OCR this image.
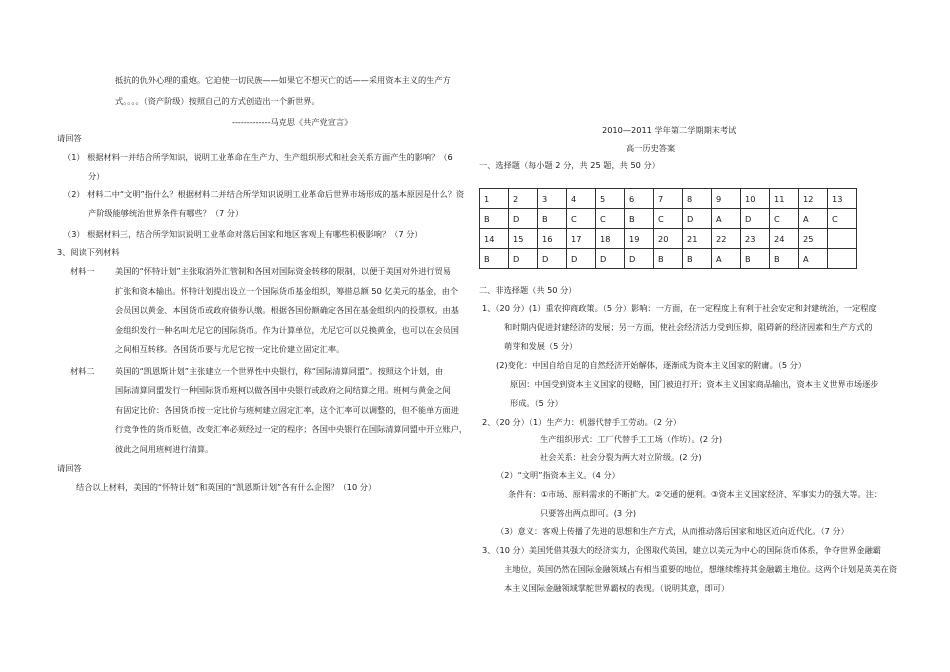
抵抗的仇外心理的重炮。它迫使一切民族——如果它不想灭亡的话——采用资本主义的生产方
式。。。。（资产阶级）按照自己的方式创造出一个新世界。
-------------马克思《共产党宣言》
请回答
（1） 根据材料一并结合所学知识，说明工业革命在生产力、生产组织形式和社会关系方面产生的影响？（6
分）
（2） 材料二中“文明”指什么？根据材料二并结合所学知识说明工业革命后世界市场形成的基本原因是什么？资
产阶级能够统治世界条件有哪些？（7 分）
（3） 根据材料三，结合所学知识说明工业革命对落后国家和地区客观上有哪些积极影响？（7 分）
3、阅读下列材料
材料一 美国的“怀特计划”主张取消外汇管制和各国对国际资金转移的限制，以便于美国对外进行贸易
扩张和资本输出。怀特计划提出设立一个国际货币基金组织，筹措总额 50 亿美元的基金，由个
会员国以黄金、本国货币或政府债券认缴。根据各国份额确定各国在基金组织内的投票权。由基
金组织发行一种名叫尤尼它的国际货币。作为计算单位，尤尼它可以兑换黄金，也可以在会员国
之间相互转移。各国货币要与尤尼它按一定比价建立固定汇率。
材料二 英国的“凯恩斯计划”主张建立一个世界性中央银行，称“国际清算同盟”。按照这个计划，由
国际清算同盟发行一种国际货币班柯以做各国中央银行或政府之间结算之用。班柯与黄金之间
有固定比价：各国货币按一定比价与班柯建立固定汇率，这个汇率可以调整的，但不能单方面进
行竞争性的货币贬值，改变汇率必须经过一定的程序；各国中央银行在国际清算同盟中开立账户，
彼此之间用班柯进行清算。
请回答
结合以上材料，美国的“怀特计划”和英国的“凯恩斯计划”各有什么企图？（10 分）
2010—2011 学年第二学期期末考试
高一历史答案
一、选择题（每小题 2 分，共 25 题，共 50 分）
1	2	3	4	5	6	7	8	9	10	11	12	13
B	D	B	C	C	B	C	D	A	D	C	A	C
14	15	16	17	18	19	20	21	22	23	24	25	
B	D	D	D	D	D	B	B	A	B	B	A	
二、非选择题（共 50 分）
1、（20 分）(1）重农抑商政策。（5 分）影响：一方面，在一定程度上有利于社会安定和封建统治，一定程度
和时期内促进封建经济的发展；另一方面，使社会经济活力受到压抑，阻碍新的经济因素和生产方式的
萌芽和发展（5 分）
(2)变化：中国自给自足的自然经济开始解体，逐渐成为资本主义国家的附庸。（5 分）
原因：中国受到资本主义国家的侵略，国门被迫打开；资本主义国家商品输出，资本主义世界市场逐步
形成。（5 分）
2、（20 分）（1）生产力：机器代替手工劳动。（2 分）
生产组织形式：工厂代替手工工场（作坊）。(2 分)
社会关系：社会分裂为两大对立阶级。(2 分)
（2）“文明”指资本主义。（4 分）
条件有：①市场、原料需求的不断扩大。②交通的便利。③资本主义国家经济、军事实力的强大等。注：
只要答出两点即可。(3 分)
（3）意义：客观上传播了先进的思想和生产方式，从而推动落后国家和地区近向近代化。（7 分）
3、（10 分）美国凭借其强大的经济实力，企图取代英国，建立以美元为中心的国际货币体系，争夺世界金融霸
主地位，英国仍然在国际金融领域占有相当重要的地位，想继续维持其金融霸主地位。这两个计划是英美在资
本主义国际金融领域掌舵世界霸权的表现。（说明其意，即可）
